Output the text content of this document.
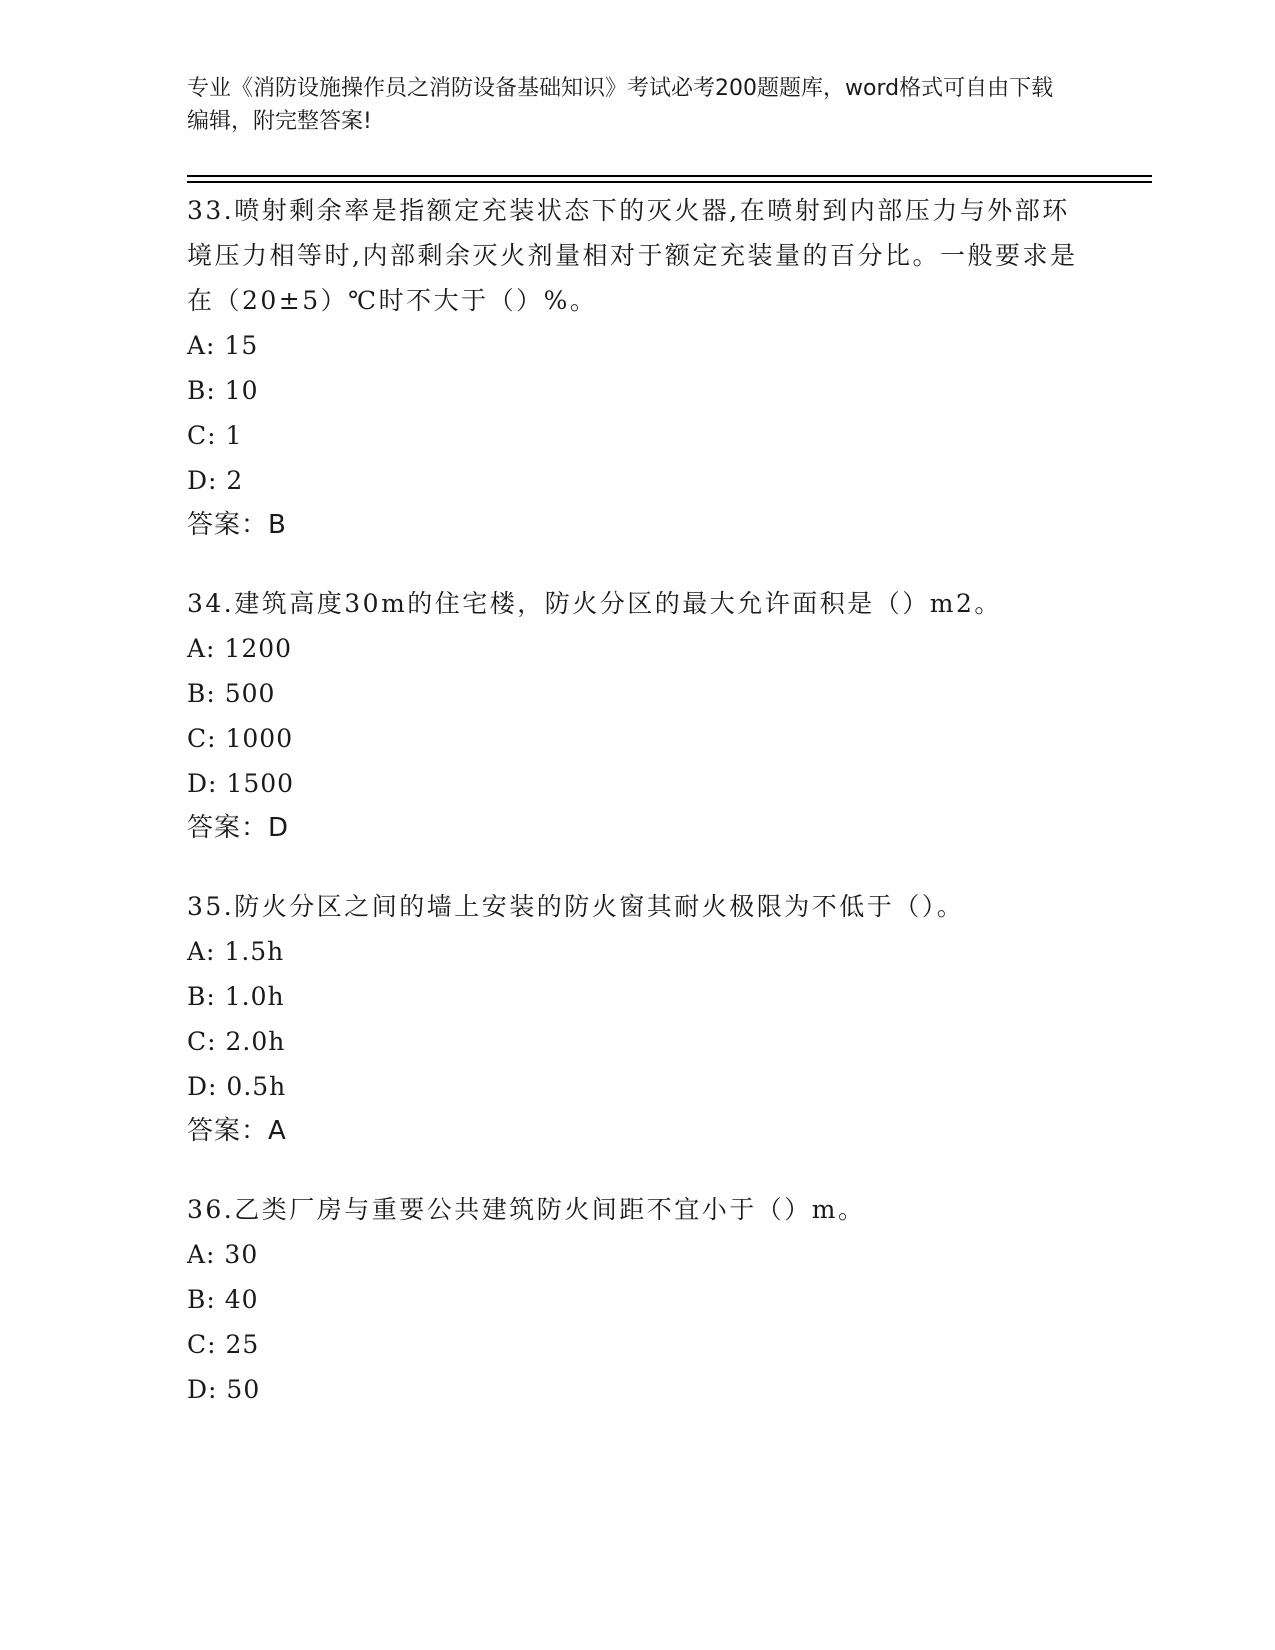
专业《消防设施操作员之消防设备基础知识》考试必考200题题库，word格式可自由下载编辑，附完整答案!

33.喷射剩余率是指额定充装状态下的灭火器,在喷射到内部压力与外部环境压力相等时,内部剩余灭火剂量相对于额定充装量的百分比。一般要求是在（20±5）℃时不大于（）%。

A: 15
B: 10
C: 1
D: 2
答案：B

34.建筑高度30m的住宅楼，防火分区的最大允许面积是（）m2。

A: 1200
B: 500
C: 1000
D: 1500
答案：D

35.防火分区之间的墙上安装的防火窗其耐火极限为不低于（）。

A: 1.5h
B: 1.0h
C: 2.0h
D: 0.5h
答案：A

36.乙类厂房与重要公共建筑防火间距不宜小于（）m。

A: 30
B: 40
C: 25
D: 50
